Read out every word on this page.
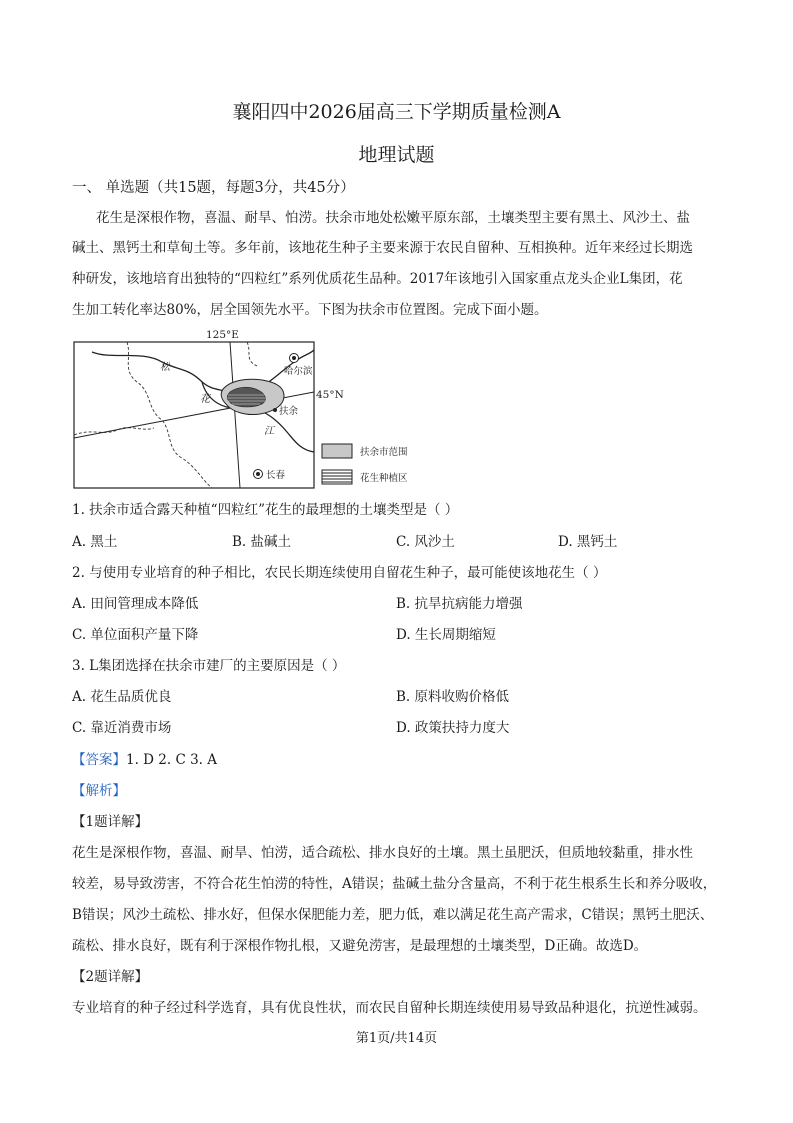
襄阳四中2026届高三下学期质量检测A
地理试题
一、 单选题（共15题，每题3分，共45分）
花生是深根作物，喜温、耐旱、怕涝。扶余市地处松嫩平原东部，土壤类型主要有黑土、风沙土、盐
碱土、黑钙土和草甸土等。多年前，该地花生种子主要来源于农民自留种、互相换种。近年来经过长期选
种研发，该地培育出独特的“四粒红”系列优质花生品种。2017年该地引入国家重点龙头企业L集团，花
生加工转化率达80%，居全国领先水平。下图为扶余市位置图。完成下面小题。
125°E
45°N
哈尔滨
长春
扶余
松
花
江
扶余市范围
花生种植区
1. 扶余市适合露天种植“四粒红”花生的最理想的土壤类型是（ ）
A. 黑土	B. 盐碱土	C. 风沙土	D. 黑钙土
2. 与使用专业培育的种子相比，农民长期连续使用自留花生种子，最可能使该地花生（ ）
A. 田间管理成本降低	B. 抗旱抗病能力增强
C. 单位面积产量下降	D. 生长周期缩短
3. L集团选择在扶余市建厂的主要原因是（ ）
A. 花生品质优良	B. 原料收购价格低
C. 靠近消费市场	D. 政策扶持力度大
【答案】1. D 2. C 3. A
【解析】
【1题详解】
花生是深根作物，喜温、耐旱、怕涝，适合疏松、排水良好的土壤。黑土虽肥沃，但质地较黏重，排水性
较差，易导致涝害，不符合花生怕涝的特性，A错误；盐碱土盐分含量高，不利于花生根系生长和养分吸收，
B错误；风沙土疏松、排水好，但保水保肥能力差，肥力低，难以满足花生高产需求，C错误；黑钙土肥沃、
疏松、排水良好，既有利于深根作物扎根，又避免涝害，是最理想的土壤类型，D正确。故选D。
【2题详解】
专业培育的种子经过科学选育，具有优良性状，而农民自留种长期连续使用易导致品种退化，抗逆性减弱。
第1页/共14页
